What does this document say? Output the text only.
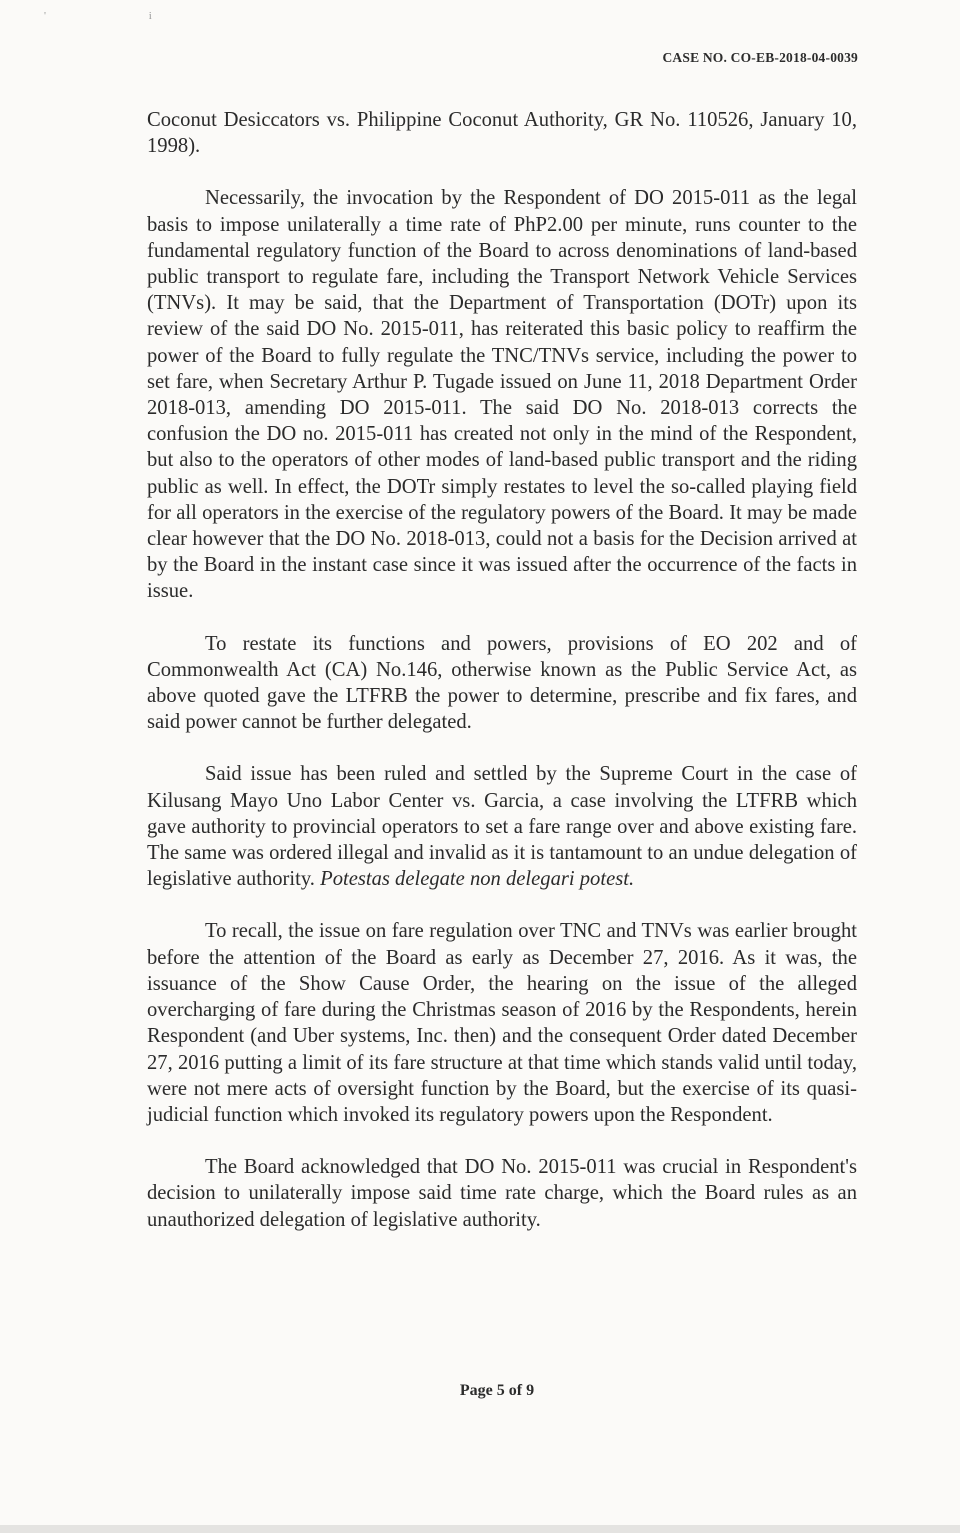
' i
CASE NO. CO-EB-2018-04-0039

Coconut Desiccators vs. Philippine Coconut Authority, GR No. 110526, January 10, 1998).

Necessarily, the invocation by the Respondent of DO 2015-011 as the legal basis to impose unilaterally a time rate of PhP2.00 per minute, runs counter to the fundamental regulatory function of the Board to across denominations of land-based public transport to regulate fare, including the Transport Network Vehicle Services (TNVs). It may be said, that the Department of Transportation (DOTr) upon its review of the said DO No. 2015-011, has reiterated this basic policy to reaffirm the power of the Board to fully regulate the TNC/TNVs service, including the power to set fare, when Secretary Arthur P. Tugade issued on June 11, 2018 Department Order 2018-013, amending DO 2015-011. The said DO No. 2018-013 corrects the confusion the DO no. 2015-011 has created not only in the mind of the Respondent, but also to the operators of other modes of land-based public transport and the riding public as well. In effect, the DOTr simply restates to level the so-called playing field for all operators in the exercise of the regulatory powers of the Board. It may be made clear however that the DO No. 2018-013, could not a basis for the Decision arrived at by the Board in the instant case since it was issued after the occurrence of the facts in issue.

To restate its functions and powers, provisions of EO 202 and of Commonwealth Act (CA) No.146, otherwise known as the Public Service Act, as above quoted gave the LTFRB the power to determine, prescribe and fix fares, and said power cannot be further delegated.

Said issue has been ruled and settled by the Supreme Court in the case of Kilusang Mayo Uno Labor Center vs. Garcia, a case involving the LTFRB which gave authority to provincial operators to set a fare range over and above existing fare. The same was ordered illegal and invalid as it is tantamount to an undue delegation of legislative authority. Potestas delegate non delegari potest.

To recall, the issue on fare regulation over TNC and TNVs was earlier brought before the attention of the Board as early as December 27, 2016. As it was, the issuance of the Show Cause Order, the hearing on the issue of the alleged overcharging of fare during the Christmas season of 2016 by the Respondents, herein Respondent (and Uber systems, Inc. then) and the consequent Order dated December 27, 2016 putting a limit of its fare structure at that time which stands valid until today, were not mere acts of oversight function by the Board, but the exercise of its quasi-judicial function which invoked its regulatory powers upon the Respondent.

The Board acknowledged that DO No. 2015-011 was crucial in Respondent's decision to unilaterally impose said time rate charge, which the Board rules as an unauthorized delegation of legislative authority.

Page 5 of 9
